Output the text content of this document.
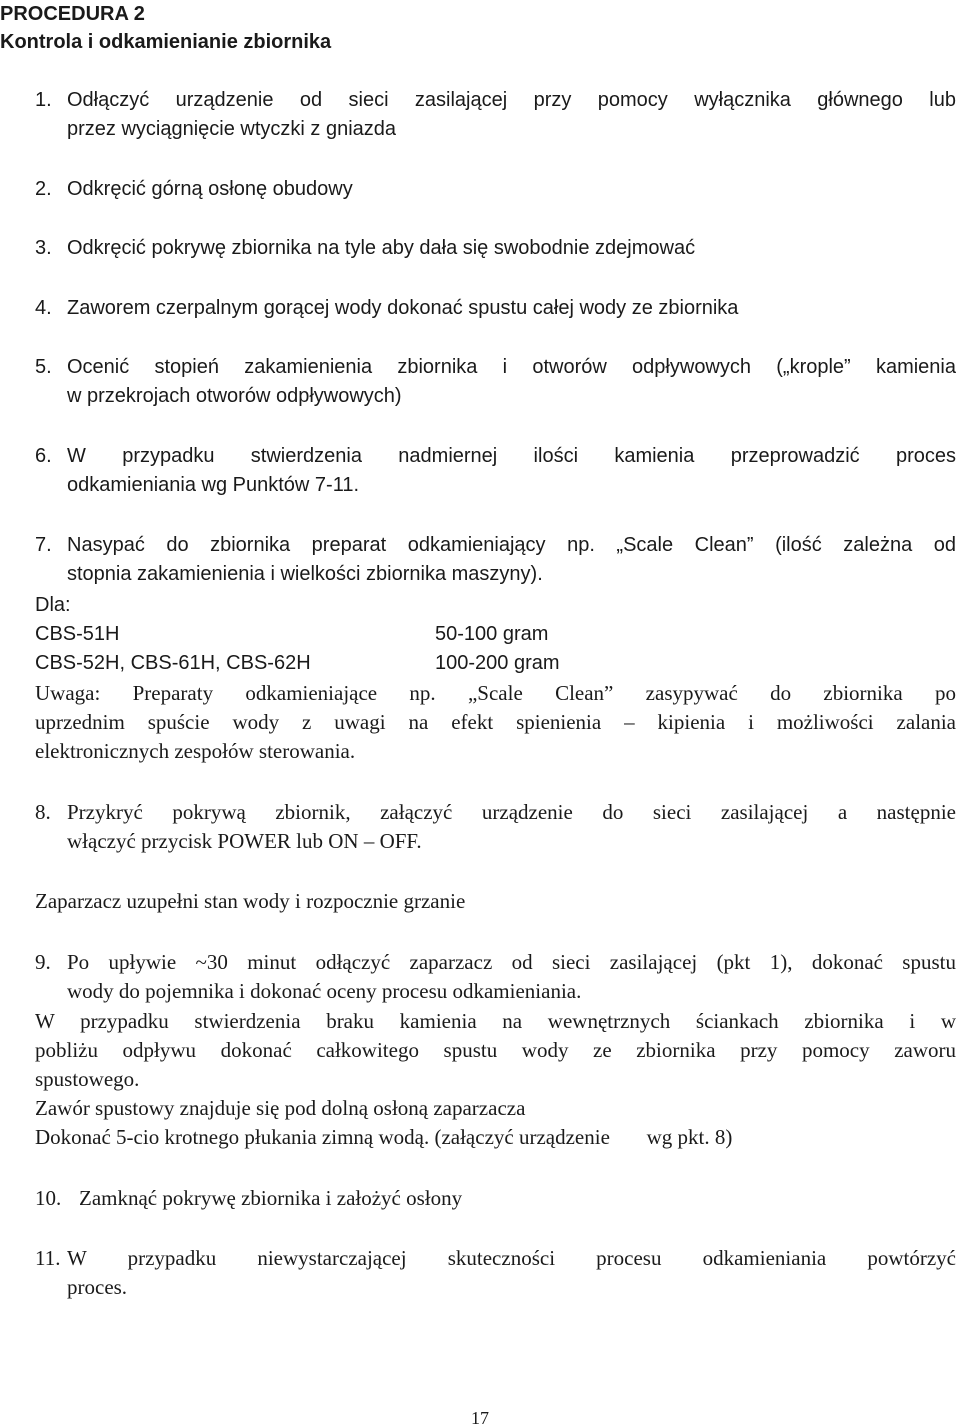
PROCEDURA 2
Kontrola i odkamienianie zbiornika
1. Odłączyć urządzenie od sieci zasilającej przy pomocy wyłącznika głównego lub
przez wyciągnięcie wtyczki z gniazda
2. Odkręcić górną osłonę obudowy
3. Odkręcić pokrywę zbiornika na tyle aby dała się swobodnie zdejmować
4. Zaworem czerpalnym gorącej wody dokonać spustu całej wody ze zbiornika
5. Ocenić stopień zakamienienia zbiornika i otworów odpływowych („krople” kamienia
w przekrojach otworów odpływowych)
6. W przypadku stwierdzenia nadmiernej ilości kamienia przeprowadzić proces
odkamieniania wg Punktów 7-11.
7. Nasypać do zbiornika preparat odkamieniający np. „Scale Clean” (ilość zależna od
stopnia zakamienienia i wielkości zbiornika maszyny).
Dla:
CBS-51H	50-100 gram
CBS-52H, CBS-61H, CBS-62H	100-200 gram
Uwaga: Preparaty odkamieniające np. „Scale Clean” zasypywać do zbiornika po
uprzednim spuście wody z uwagi na efekt spienienia – kipienia i możliwości zalania
elektronicznych zespołów sterowania.
8. Przykryć pokrywą zbiornik, załączyć urządzenie do sieci zasilającej a następnie
włączyć przycisk POWER lub ON – OFF.
Zaparzacz uzupełni stan wody i rozpocznie grzanie
9. Po upływie ~30 minut odłączyć zaparzacz od sieci zasilającej (pkt 1), dokonać spustu
wody do pojemnika i dokonać oceny procesu odkamieniania.
W przypadku stwierdzenia braku kamienia na wewnętrznych ściankach zbiornika i w
pobliżu odpływu dokonać całkowitego spustu wody ze zbiornika przy pomocy zaworu
spustowego.
Zawór spustowy znajduje się pod dolną osłoną zaparzacza
Dokonać 5-cio krotnego płukania zimną wodą. (załączyć urządzenie       wg pkt. 8)
10. Zamknąć pokrywę zbiornika i założyć osłony
11. W przypadku niewystarczającej skuteczności procesu odkamieniania powtórzyć
proces.
17
